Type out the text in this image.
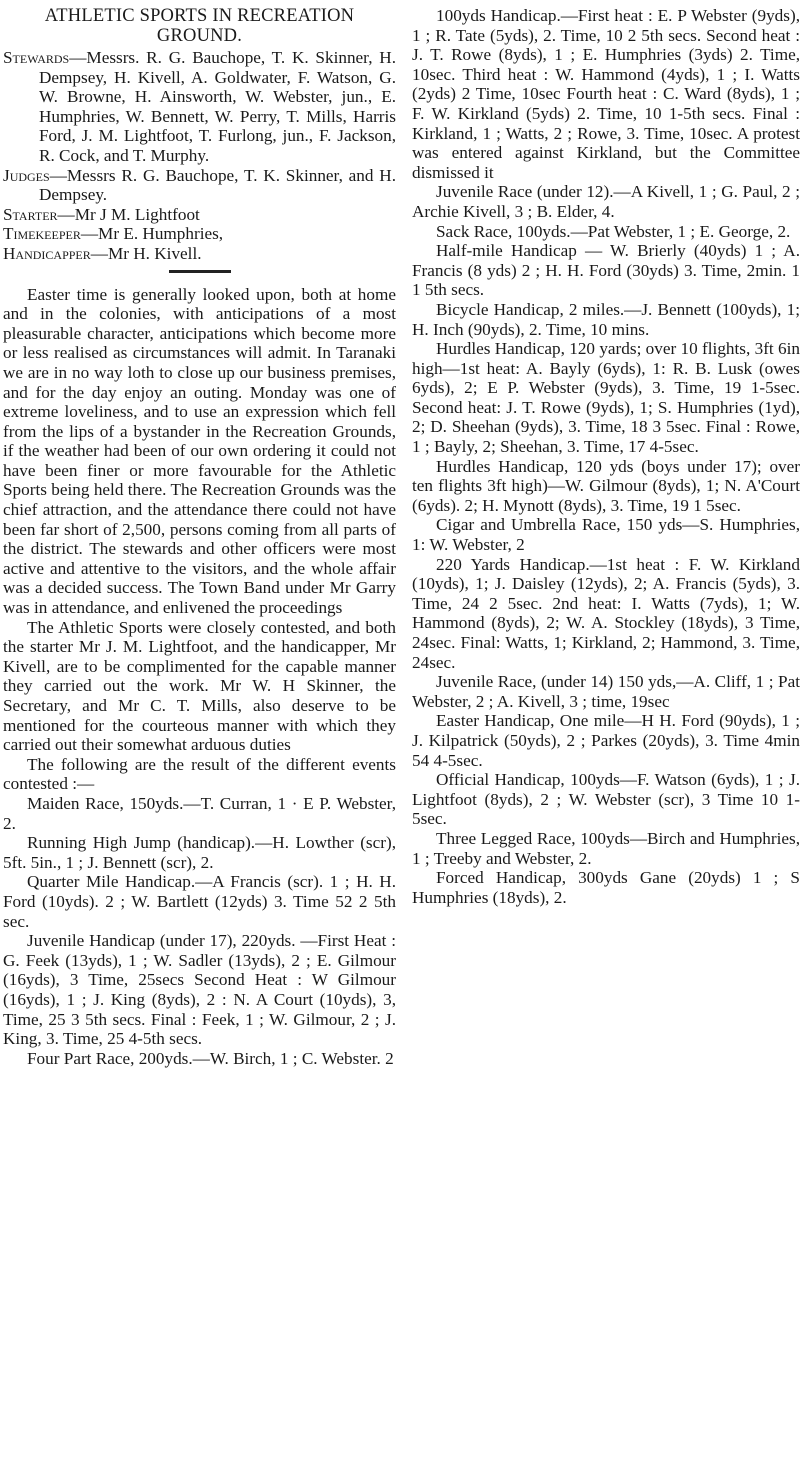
ATHLETIC SPORTS IN RECREATION GROUND.

Stewards—Messrs. R. G. Bauchope, T. K. Skinner, H. Dempsey, H. Kivell, A. Goldwater, F. Watson, G. W. Browne, H. Ainsworth, W. Webster, jun., E. Humphries, W. Bennett, W. Perry, T. Mills, Harris Ford, J. M. Lightfoot, T. Furlong, jun., F. Jackson, R. Cock, and T. Murphy.

Judges—Messrs R. G. Bauchope, T. K. Skinner, and H. Dempsey.

Starter—Mr J M. Lightfoot

Timekeeper—Mr E. Humphries,

Handicapper—Mr H. Kivell.

Easter time is generally looked upon, both at home and in the colonies, with anticipations of a most pleasurable character, anticipations which become more or less realised as circumstances will admit. In Taranaki we are in no way loth to close up our business premises, and for the day enjoy an outing. Monday was one of extreme loveliness, and to use an expression which fell from the lips of a bystander in the Recreation Grounds, if the weather had been of our own ordering it could not have been finer or more favourable for the Athletic Sports being held there. The Recreation Grounds was the chief attraction, and the attendance there could not have been far short of 2,500, persons coming from all parts of the district. The stewards and other officers were most active and attentive to the visitors, and the whole affair was a decided success. The Town Band under Mr Garry was in attendance, and enlivened the proceedings

The Athletic Sports were closely contested, and both the starter Mr J. M. Lightfoot, and the handicapper, Mr Kivell, are to be complimented for the capable manner they carried out the work. Mr W. H Skinner, the Secretary, and Mr C. T. Mills, also deserve to be mentioned for the courteous manner with which they carried out their somewhat arduous duties

The following are the result of the different events contested :—

Maiden Race, 150yds.—T. Curran, 1 · E P. Webster, 2.

Running High Jump (handicap).—H. Lowther (scr), 5ft. 5in., 1 ; J. Bennett (scr), 2.

Quarter Mile Handicap.—A Francis (scr). 1 ; H. H. Ford (10yds). 2 ; W. Bartlett (12yds) 3. Time 52 2 5th sec.

Juvenile Handicap (under 17), 220yds. —First Heat : G. Feek (13yds), 1 ; W. Sadler (13yds), 2 ; E. Gilmour (16yds), 3 Time, 25secs Second Heat : W Gilmour (16yds), 1 ; J. King (8yds), 2 : N. A Court (10yds), 3, Time, 25 3 5th secs. Final : Feek, 1 ; W. Gilmour, 2 ; J. King, 3. Time, 25 4-5th secs.

Four Part Race, 200yds.—W. Birch, 1 ; C. Webster. 2

100yds Handicap.—First heat : E. P Webster (9yds), 1 ; R. Tate (5yds), 2. Time, 10 2 5th secs. Second heat : J. T. Rowe (8yds), 1 ; E. Humphries (3yds) 2. Time, 10sec. Third heat : W. Hammond (4yds), 1 ; I. Watts (2yds) 2 Time, 10sec Fourth heat : C. Ward (8yds), 1 ; F. W. Kirkland (5yds) 2. Time, 10 1-5th secs. Final : Kirkland, 1 ; Watts, 2 ; Rowe, 3. Time, 10sec. A protest was entered against Kirkland, but the Committee dismissed it

Juvenile Race (under 12).—A Kivell, 1 ; G. Paul, 2 ; Archie Kivell, 3 ; B. Elder, 4.

Sack Race, 100yds.—Pat Webster, 1 ; E. George, 2.

Half-mile Handicap — W. Brierly (40yds) 1 ; A. Francis (8 yds) 2 ; H. H. Ford (30yds) 3. Time, 2min. 1 1 5th secs.

Bicycle Handicap, 2 miles.—J. Bennett (100yds), 1; H. Inch (90yds), 2. Time, 10 mins.

Hurdles Handicap, 120 yards; over 10 flights, 3ft 6in high—1st heat: A. Bayly (6yds), 1: R. B. Lusk (owes 6yds), 2; E P. Webster (9yds), 3. Time, 19 1-5sec. Second heat: J. T. Rowe (9yds), 1; S. Humphries (1yd), 2; D. Sheehan (9yds), 3. Time, 18 3 5sec. Final : Rowe, 1 ; Bayly, 2; Sheehan, 3. Time, 17 4-5sec.

Hurdles Handicap, 120 yds (boys under 17); over ten flights 3ft high)—W. Gilmour (8yds), 1; N. A'Court (6yds). 2; H. Mynott (8yds), 3. Time, 19 1 5sec.

Cigar and Umbrella Race, 150 yds—S. Humphries, 1: W. Webster, 2

220 Yards Handicap.—1st heat : F. W. Kirkland (10yds), 1; J. Daisley (12yds), 2; A. Francis (5yds), 3. Time, 24 2 5sec. 2nd heat: I. Watts (7yds), 1; W. Hammond (8yds), 2; W. A. Stockley (18yds), 3 Time, 24sec. Final: Watts, 1; Kirkland, 2; Hammond, 3. Time, 24sec.

Juvenile Race, (under 14) 150 yds,—A. Cliff, 1 ; Pat Webster, 2 ; A. Kivell, 3 ; time, 19sec

Easter Handicap, One mile—H H. Ford (90yds), 1 ; J. Kilpatrick (50yds), 2 ; Parkes (20yds), 3. Time 4min 54 4-5sec.

Official Handicap, 100yds—F. Watson (6yds), 1 ; J. Lightfoot (8yds), 2 ; W. Webster (scr), 3 Time 10 1-5sec.

Three Legged Race, 100yds—Birch and Humphries, 1 ; Treeby and Webster, 2.

Forced Handicap, 300yds Gane (20yds) 1 ; S Humphries (18yds), 2.
